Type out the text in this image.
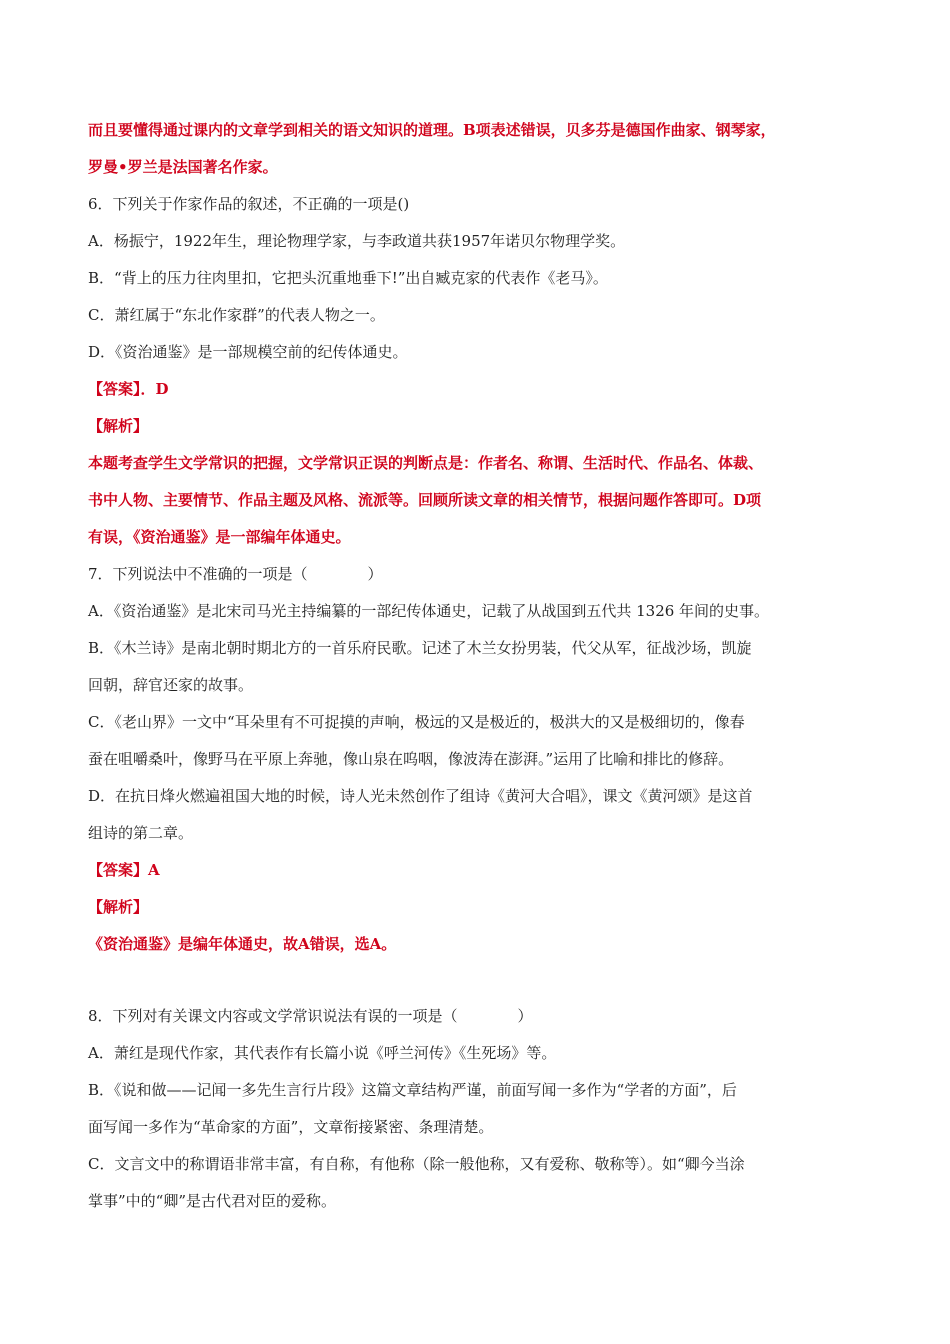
而且要懂得通过课内的文章学到相关的语文知识的道理。B项表述错误，贝多芬是德国作曲家、钢琴家，
罗曼•罗兰是法国著名作家。
6．下列关于作家作品的叙述，不正确的一项是()
A．杨振宁，1922年生，理论物理学家，与李政道共获1957年诺贝尔物理学奖。
B．“背上的压力往肉里扣，它把头沉重地垂下!”出自臧克家的代表作《老马》。
C．萧红属于“东北作家群”的代表人物之一。
D．《资治通鉴》是一部规模空前的纪传体通史。
【答案】．D
【解析】
本题考查学生文学常识的把握，文学常识正误的判断点是：作者名、称谓、生活时代、作品名、体裁、
书中人物、主要情节、作品主题及风格、流派等。回顾所读文章的相关情节，根据问题作答即可。D项
有误，《资治通鉴》是一部编年体通史。
7．下列说法中不准确的一项是（　　　　）
A．《资治通鉴》是北宋司马光主持编纂的一部纪传体通史，记载了从战国到五代共 1326 年间的史事。
B．《木兰诗》是南北朝时期北方的一首乐府民歌。记述了木兰女扮男装，代父从军，征战沙场，凯旋
回朝，辞官还家的故事。
C．《老山界》一文中“耳朵里有不可捉摸的声响，极远的又是极近的，极洪大的又是极细切的，像春
蚕在咀嚼桑叶，像野马在平原上奔驰，像山泉在呜咽，像波涛在澎湃。”运用了比喻和排比的修辞。
D．在抗日烽火燃遍祖国大地的时候，诗人光未然创作了组诗《黄河大合唱》，课文《黄河颂》是这首
组诗的第二章。
【答案】A
【解析】
《资治通鉴》是编年体通史，故A错误，选A。
8．下列对有关课文内容或文学常识说法有误的一项是（　　　　）
A．萧红是现代作家，其代表作有长篇小说《呼兰河传》《生死场》等。
B．《说和做——记闻一多先生言行片段》这篇文章结构严谨，前面写闻一多作为“学者的方面”，后
面写闻一多作为“革命家的方面”，文章衔接紧密、条理清楚。
C．文言文中的称谓语非常丰富，有自称，有他称（除一般他称，又有爱称、敬称等）。如“卿今当涂
掌事”中的“卿”是古代君对臣的爱称。
